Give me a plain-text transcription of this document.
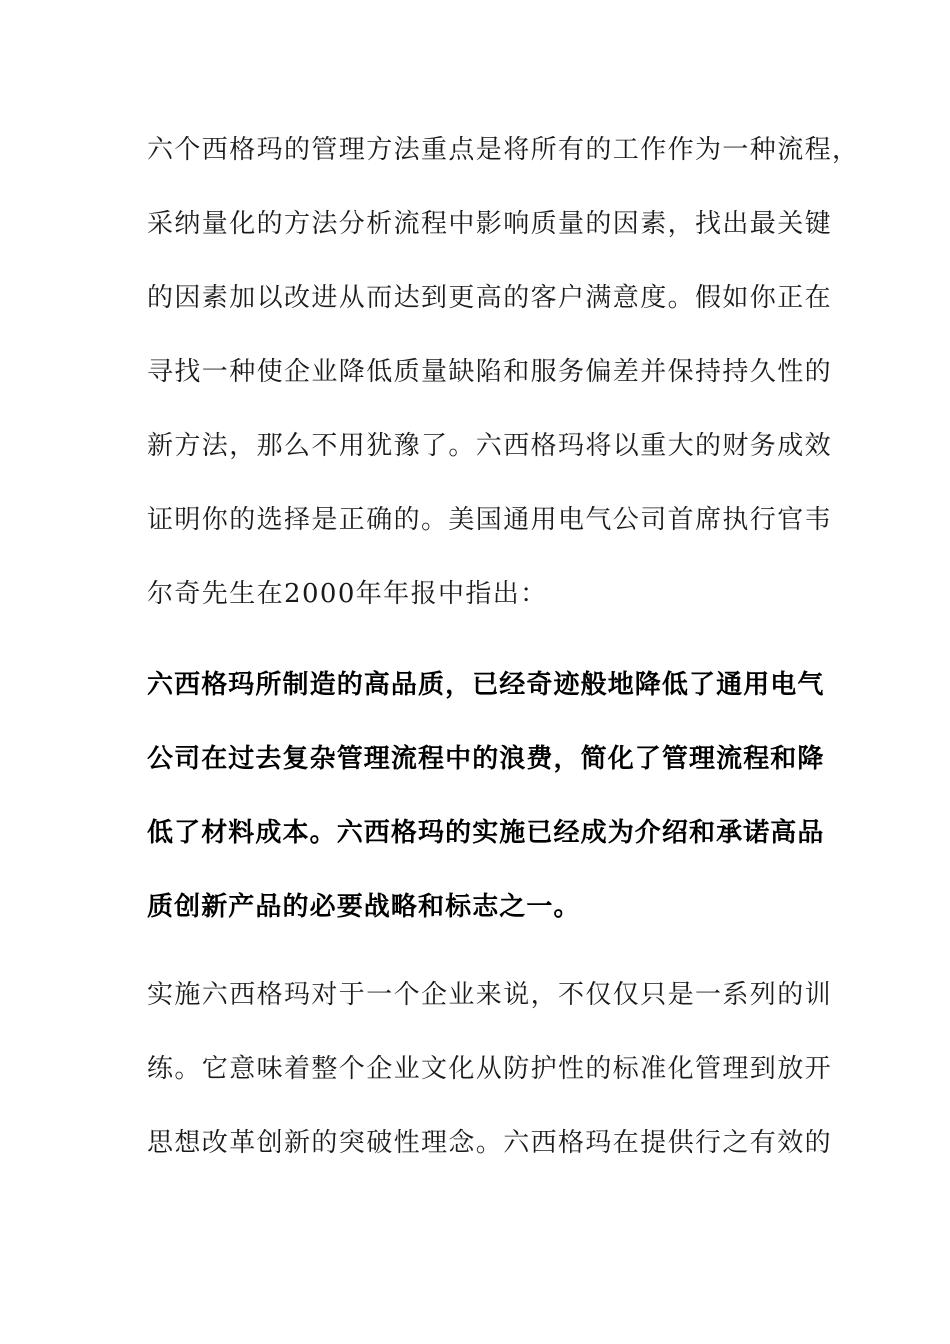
六个西格玛的管理方法重点是将所有的工作作为一种流程，
采纳量化的方法分析流程中影响质量的因素，找出最关键
的因素加以改进从而达到更高的客户满意度。假如你正在
寻找一种使企业降低质量缺陷和服务偏差并保持持久性的
新方法，那么不用犹豫了。六西格玛将以重大的财务成效
证明你的选择是正确的。美国通用电气公司首席执行官韦
尔奇先生在2000年年报中指出：
六西格玛所制造的高品质，已经奇迹般地降低了通用电气
公司在过去复杂管理流程中的浪费，简化了管理流程和降
低了材料成本。六西格玛的实施已经成为介绍和承诺高品
质创新产品的必要战略和标志之一。
实施六西格玛对于一个企业来说，不仅仅只是一系列的训
练。它意味着整个企业文化从防护性的标准化管理到放开
思想改革创新的突破性理念。六西格玛在提供行之有效的
